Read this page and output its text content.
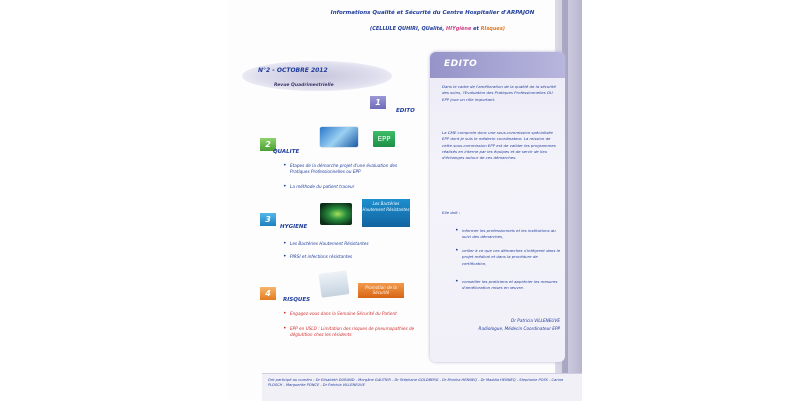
Informations Qualité et Sécurité du Centre Hospitalier d'ARPAJON
(CELLULE QUHIRI, QUalité, HIYgiène et RIsques)
N°2 - OCTOBRE 2012
Revue Quadrimestrielle
1
EDITO
EPP
2
QUALITE
• Etapes de la démarche projet d'une évaluation des Pratiques Professionnelles ou EPP
• La méthode du patient traceur
Les Bactéries Hautement Résistantes
3
HYGIENE
• Les Bactéries Hautement Résistantes
• PIRSI et infections résistantes
Promotion de la Sécurité
4
RISQUES
• Engagez-vous dans la Semaine Sécurité du Patient
• EPP en USLD : Limitation des risques de pneumopathies de déglutition chez les résidents
EDITO
Dans le cadre de l'amélioration de la qualité de la sécurité des soins, l'Evaluation des Pratiques Professionnelles OU EPP joue un rôle important.
La CME comporte donc une sous-commission spécialisée EPP dont je suis le médecin coordinateur. La mission de cette sous-commission EPP est de valider les programmes réalisés en interne par les équipes et de servir de lieu d'échanges autour de ces démarches.
Elle doit :
• informer les professionnels et les institutions du suivi des démarches,
• veiller à ce que ces démarches s'intègrent dans le projet médical et dans la procédure de certification,
• conseiller les praticiens et apprécier les mesures d'amélioration mises en œuvre.
Dr Patricia VILLENEUVE
Radiologue, Médecin Coordinateur EPP
Ont participé au numéro : Dr Elisabeth DURAND - Morgâne GAUTIER - Dr Stéphane GOLDBERG - Dr Monika HENNEQ - Dr Maddia HENNEQ - Stephanie POSS - Carine PLOSCH - Marguerite PONCE - Dr Patricia VILLENEUVE
